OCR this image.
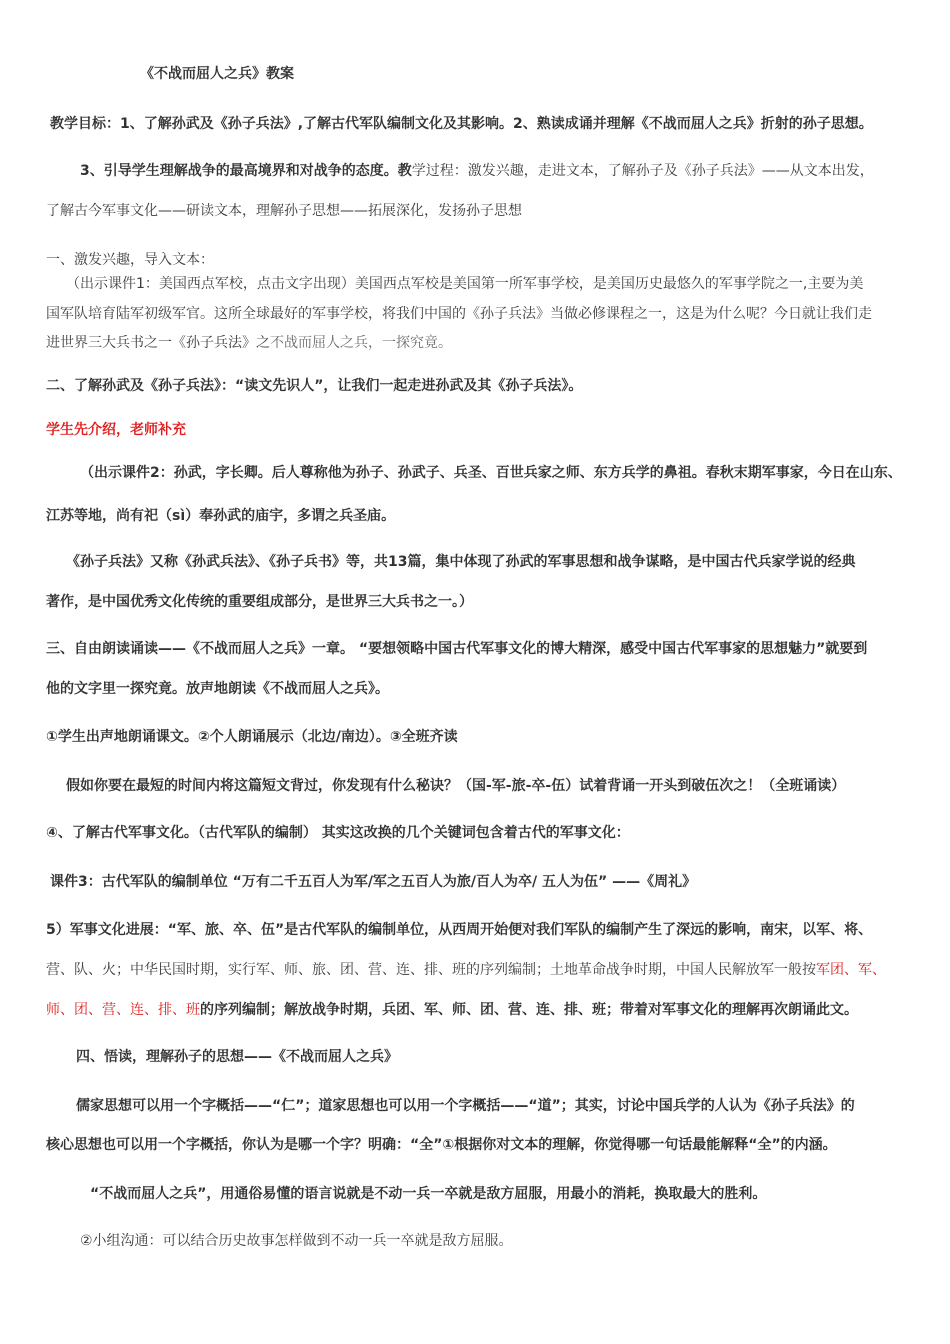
《不战而屈人之兵》教案
教学目标：1、了解孙武及《孙子兵法》,了解古代军队编制文化及其影响。2、熟读成诵并理解《不战而屈人之兵》折射的孙子思想。
3、引导学生理解战争的最高境界和对战争的态度。教学过程：激发兴趣，走进文本，了解孙子及《孙子兵法》——从文本出发，
了解古今军事文化——研读文本，理解孙子思想——拓展深化，发扬孙子思想
一、激发兴趣，导入文本：
（出示课件1：美国西点军校，点击文字出现）美国西点军校是美国第一所军事学校，是美国历史最悠久的军事学院之一,主要为美
国军队培育陆军初级军官。这所全球最好的军事学校，将我们中国的《孙子兵法》当做必修课程之一，这是为什么呢？今日就让我们走
进世界三大兵书之一《孙子兵法》之不战而屈人之兵，一探究竟。
二、了解孙武及《孙子兵法》：“读文先识人”，让我们一起走进孙武及其《孙子兵法》。
学生先介绍，老师补充
（出示课件2：孙武，字长卿。后人尊称他为孙子、孙武子、兵圣、百世兵家之师、东方兵学的鼻祖。春秋末期军事家，今日在山东、
江苏等地，尚有祀（sì）奉孙武的庙宇，多谓之兵圣庙。
《孙子兵法》又称《孙武兵法》、《孙子兵书》等，共13篇，集中体现了孙武的军事思想和战争谋略，是中国古代兵家学说的经典
著作，是中国优秀文化传统的重要组成部分，是世界三大兵书之一。）
三、自由朗读诵读——《不战而屈人之兵》一章。 “要想领略中国古代军事文化的博大精深，感受中国古代军事家的思想魅力”就要到
他的文字里一探究竟。放声地朗读《不战而屈人之兵》。
①学生出声地朗诵课文。②个人朗诵展示（北边/南边）。③全班齐读
假如你要在最短的时间内将这篇短文背过，你发现有什么秘诀？（国-军-旅-卒-伍）试着背诵一开头到破伍次之！（全班诵读）
④、了解古代军事文化。（古代军队的编制） 其实这改换的几个关键词包含着古代的军事文化：
课件3：古代军队的编制单位 “万有二千五百人为军/军之五百人为旅/百人为卒/ 五人为伍” ——《周礼》
5）军事文化进展：“军、旅、卒、伍”是古代军队的编制单位，从西周开始便对我们军队的编制产生了深远的影响，南宋，以军、将、
营、队、火；中华民国时期，实行军、师、旅、团、营、连、排、班的序列编制；土地革命战争时期，中国人民解放军一般按军团、军、
师、团、营、连、排、班的序列编制；解放战争时期，兵团、军、师、团、营、连、排、班；带着对军事文化的理解再次朗诵此文。
四、悟读，理解孙子的思想——《不战而屈人之兵》
儒家思想可以用一个字概括——“仁”；道家思想也可以用一个字概括——“道”；其实，讨论中国兵学的人认为《孙子兵法》的
核心思想也可以用一个字概括，你认为是哪一个字？明确：“全”①根据你对文本的理解，你觉得哪一句话最能解释“全”的内涵。
“不战而屈人之兵”，用通俗易懂的语言说就是不动一兵一卒就是敌方屈服，用最小的消耗，换取最大的胜利。
②小组沟通：可以结合历史故事怎样做到不动一兵一卒就是敌方屈服。
